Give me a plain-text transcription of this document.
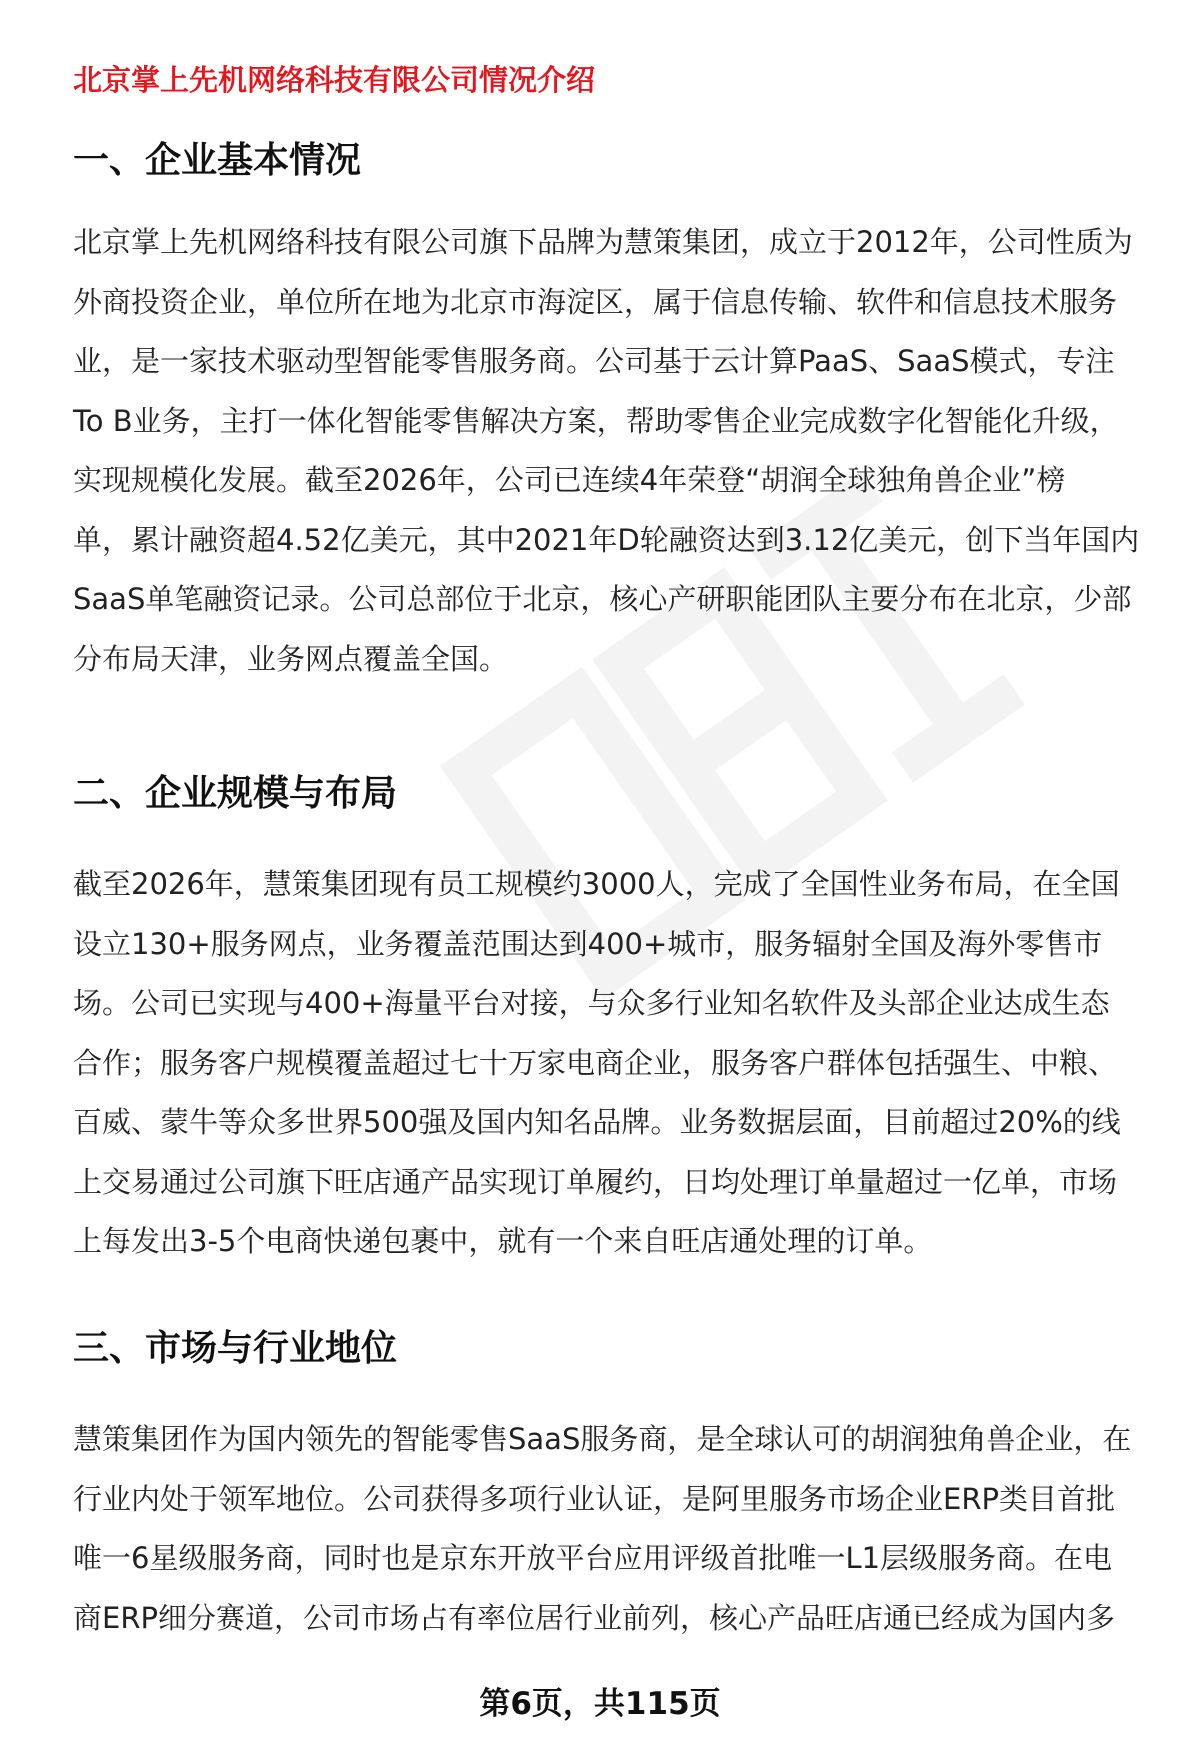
北京掌上先机网络科技有限公司情况介绍
一、企业基本情况
北京掌上先机网络科技有限公司旗下品牌为慧策集团，成立于2012年，公司性质为
外商投资企业，单位所在地为北京市海淀区，属于信息传输、软件和信息技术服务
业，是一家技术驱动型智能零售服务商。公司基于云计算PaaS、SaaS模式，专注
To B业务，主打一体化智能零售解决方案，帮助零售企业完成数字化智能化升级，
实现规模化发展。截至2026年，公司已连续4年荣登“胡润全球独角兽企业”榜
单，累计融资超4.52亿美元，其中2021年D轮融资达到3.12亿美元，创下当年国内
SaaS单笔融资记录。公司总部位于北京，核心产研职能团队主要分布在北京，少部
分布局天津，业务网点覆盖全国。
二、企业规模与布局
截至2026年，慧策集团现有员工规模约3000人，完成了全国性业务布局，在全国
设立130+服务网点，业务覆盖范围达到400+城市，服务辐射全国及海外零售市
场。公司已实现与400+海量平台对接，与众多行业知名软件及头部企业达成生态
合作；服务客户规模覆盖超过七十万家电商企业，服务客户群体包括强生、中粮、
百威、蒙牛等众多世界500强及国内知名品牌。业务数据层面，目前超过20%的线
上交易通过公司旗下旺店通产品实现订单履约，日均处理订单量超过一亿单，市场
上每发出3-5个电商快递包裹中，就有一个来自旺店通处理的订单。
三、市场与行业地位
慧策集团作为国内领先的智能零售SaaS服务商，是全球认可的胡润独角兽企业，在
行业内处于领军地位。公司获得多项行业认证，是阿里服务市场企业ERP类目首批
唯一6星级服务商，同时也是京东开放平台应用评级首批唯一L1层级服务商。在电
商ERP细分赛道，公司市场占有率位居行业前列，核心产品旺店通已经成为国内多
第6页，共115页
